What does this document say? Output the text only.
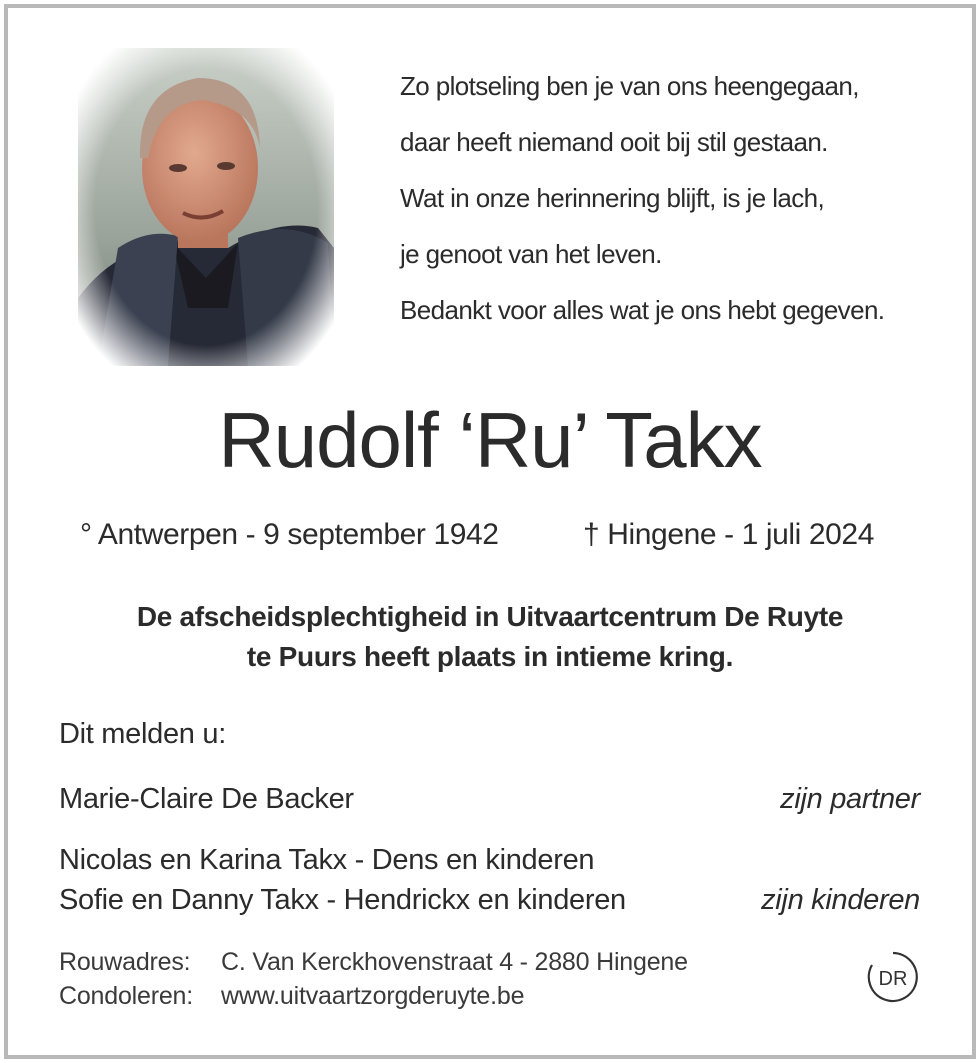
Zo plotseling ben je van ons heengegaan,
daar heeft niemand ooit bij stil gestaan.
Wat in onze herinnering blijft, is je lach,
je genoot van het leven.
Bedankt voor alles wat je ons hebt gegeven.
Rudolf ‘Ru’ Takx
° Antwerpen - 9 september 1942	† Hingene - 1 juli 2024
De afscheidsplechtigheid in Uitvaartcentrum De Ruyte
te Puurs heeft plaats in intieme kring.
Dit melden u:
Marie-Claire De Backer	zijn partner
Nicolas en Karina Takx - Dens en kinderen
Sofie en Danny Takx - Hendrickx en kinderen	zijn kinderen
Rouwadres: C. Van Kerckhovenstraat 4 - 2880 Hingene
Condoleren: www.uitvaartzorgderuyte.be
DR
